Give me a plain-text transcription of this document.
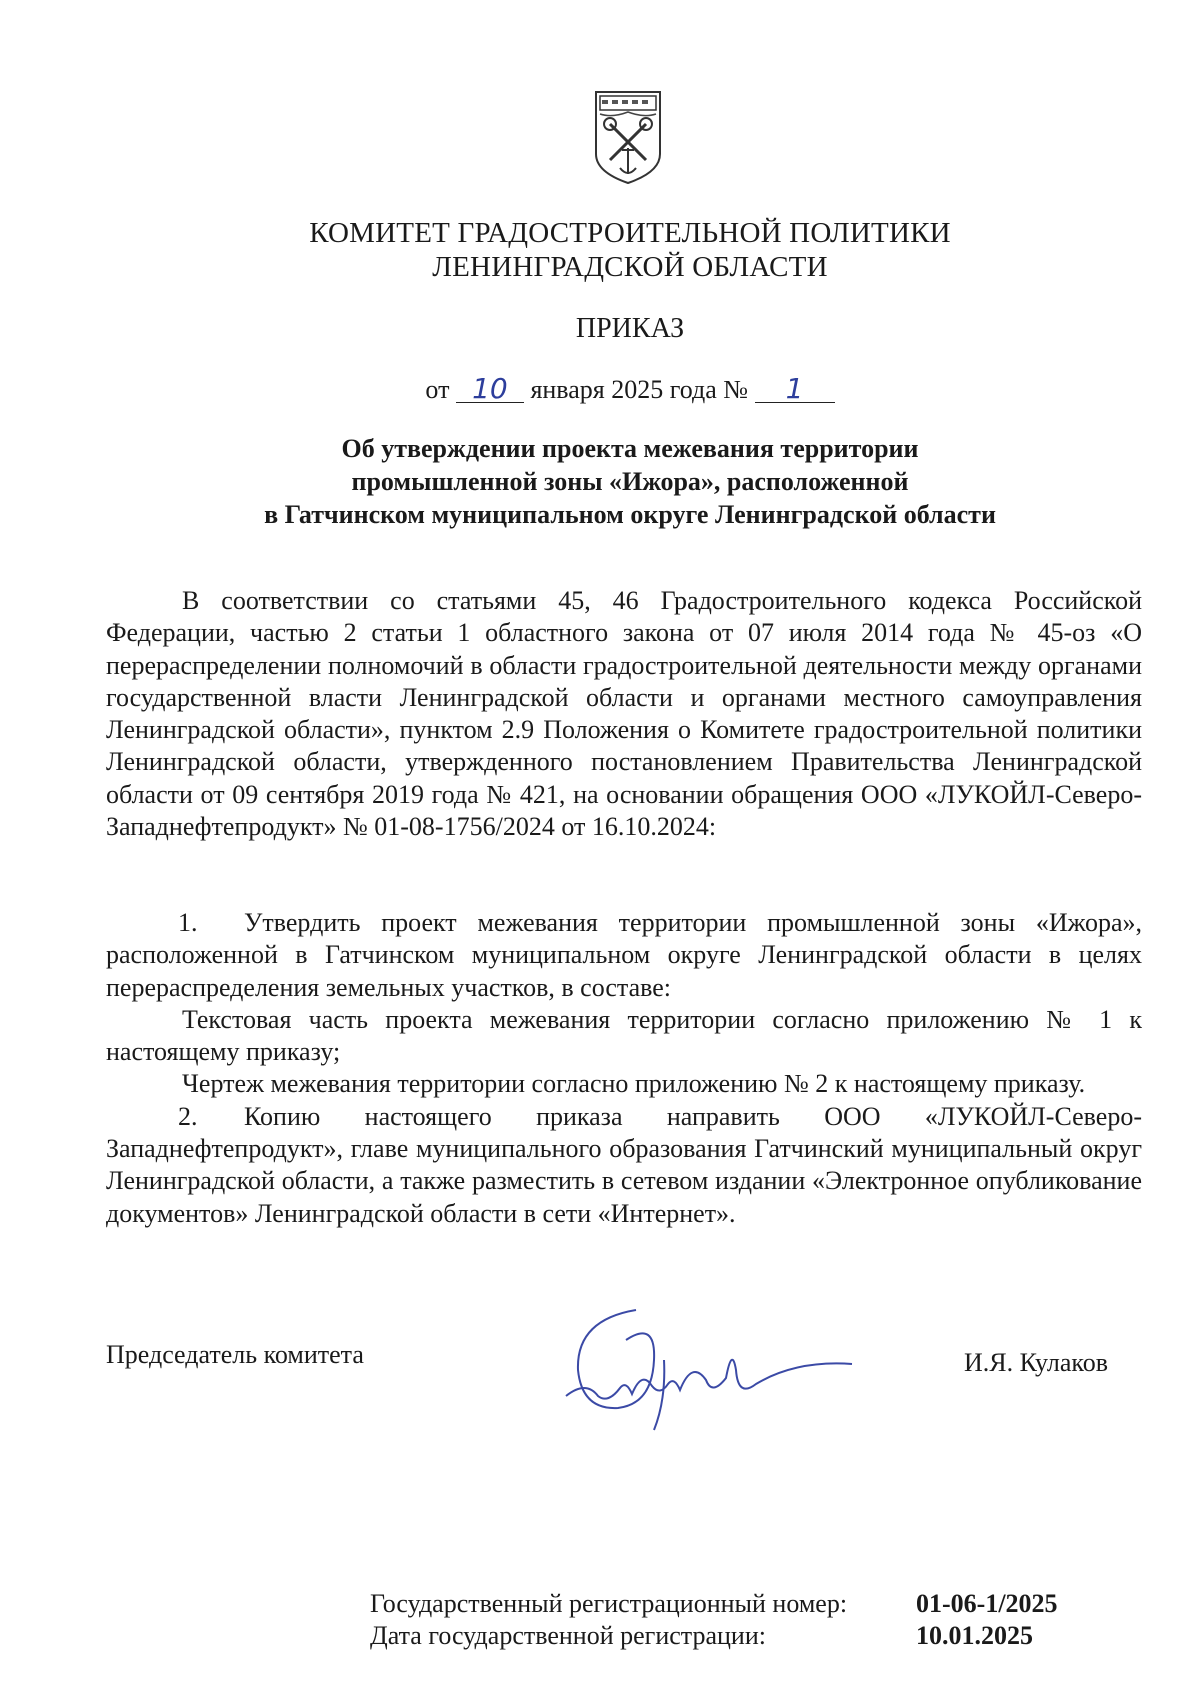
КОМИТЕТ ГРАДОСТРОИТЕЛЬНОЙ ПОЛИТИКИ
ЛЕНИНГРАДСКОЙ ОБЛАСТИ
ПРИКАЗ
от 10 января 2025 года № 1
Об утверждении проекта межевания территории
промышленной зоны «Ижора», расположенной
в Гатчинском муниципальном округе Ленинградской области

В соответствии со статьями 45, 46 Градостроительного кодекса Российской Федерации, частью 2 статьи 1 областного закона от 07 июля 2014 года № 45-оз «О перераспределении полномочий в области градостроительной деятельности между органами государственной власти Ленинградской области и органами местного самоуправления Ленинградской области», пунктом 2.9 Положения о Комитете градостроительной политики Ленинградской области, утвержденного постановлением Правительства Ленинградской области от 09 сентября 2019 года № 421, на основании обращения ООО «ЛУКОЙЛ-Северо-Западнефтепродукт» № 01-08-1756/2024 от 16.10.2024:

1. Утвердить проект межевания территории промышленной зоны «Ижора», расположенной в Гатчинском муниципальном округе Ленинградской области в целях перераспределения земельных участков, в составе:

Текстовая часть проекта межевания территории согласно приложению № 1 к настоящему приказу;

Чертеж межевания территории согласно приложению № 2 к настоящему приказу.

2. Копию настоящего приказа направить ООО «ЛУКОЙЛ-Северо-Западнефтепродукт», главе муниципального образования Гатчинский муниципальный округ Ленинградской области, а также разместить в сетевом издании «Электронное опубликование документов» Ленинградской области в сети «Интернет».

Председатель комитета	И.Я. Кулаков
Государственный регистрационный номер:
Дата государственной регистрации:
01-06-1/2025
10.01.2025
